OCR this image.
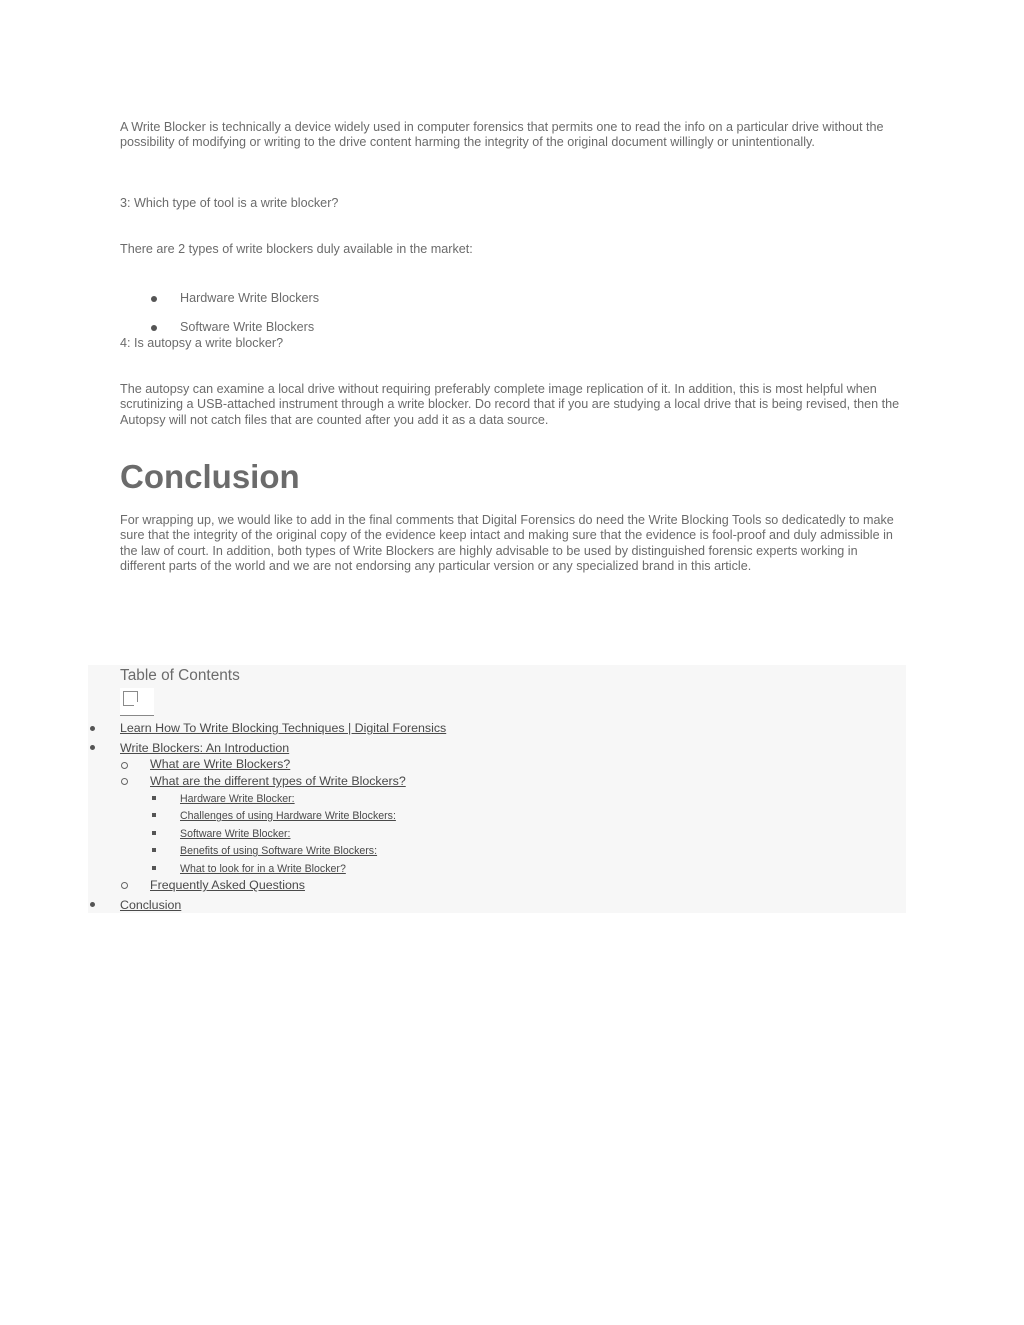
A Write Blocker is technically a device widely used in computer forensics that permits one to read the info on a particular drive without the possibility of modifying or writing to the drive content harming the integrity of the original document willingly or unintentionally.

3: Which type of tool is a write blocker?

There are 2 types of write blockers duly available in the market:

Hardware Write Blockers
Software Write Blockers

4: Is autopsy a write blocker?

The autopsy can examine a local drive without requiring preferably complete image replication of it. In addition, this is most helpful when scrutinizing a USB-attached instrument through a write blocker. Do record that if you are studying a local drive that is being revised, then the Autopsy will not catch files that are counted after you add it as a data source.

Conclusion

For wrapping up, we would like to add in the final comments that Digital Forensics do need the Write Blocking Tools so dedicatedly to make sure that the integrity of the original copy of the evidence keep intact and making sure that the evidence is fool-proof and duly admissible in the law of court. In addition, both types of Write Blockers are highly advisable to be used by distinguished forensic experts working in different parts of the world and we are not endorsing any particular version or any specialized brand in this article.

Table of Contents
Learn How To Write Blocking Techniques | Digital Forensics
Write Blockers: An Introduction
What are Write Blockers?
What are the different types of Write Blockers?
Hardware Write Blocker:
Challenges of using Hardware Write Blockers:
Software Write Blocker:
Benefits of using Software Write Blockers:
What to look for in a Write Blocker?
Frequently Asked Questions
Conclusion
